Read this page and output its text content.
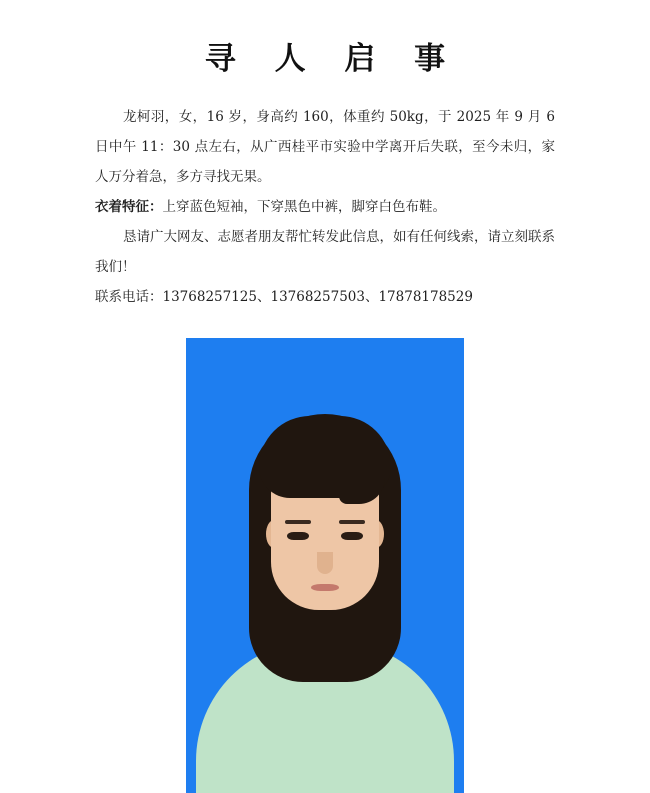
寻 人 启 事

龙柯羽，女，16 岁，身高约 160，体重约 50kg，于 2025 年 9 月 6 日中午 11：30 点左右，从广西桂平市实验中学离开后失联，至今未归，家人万分着急，多方寻找无果。

衣着特征：上穿蓝色短袖，下穿黑色中裤，脚穿白色布鞋。

恳请广大网友、志愿者朋友帮忙转发此信息，如有任何线索，请立刻联系我们！

联系电话：13768257125、13768257503、17878178529
